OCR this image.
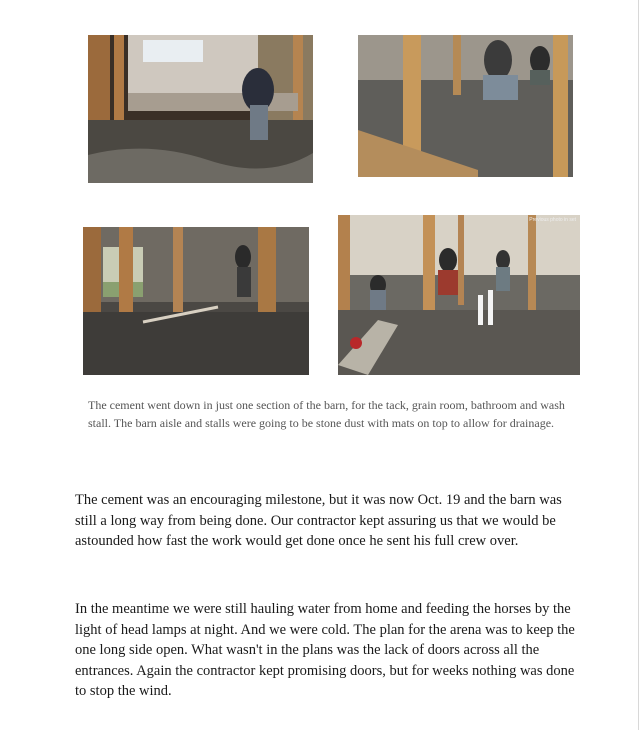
Previous photo in set
The cement went down in just one section of the barn, for the tack, grain room, bathroom and wash stall. The barn aisle and stalls were going to be stone dust with mats on top to allow for drainage.

The cement was an encouraging milestone, but it was now Oct. 19 and the barn was still a long way from being done. Our contractor kept assuring us that we would be astounded how fast the work would get done once he sent his full crew over.

In the meantime we were still hauling water from home and feeding the horses by the light of head lamps at night. And we were cold. The plan for the arena was to keep the one long side open. What wasn't in the plans was the lack of doors across all the entrances. Again the contractor kept promising doors, but for weeks nothing was done to stop the wind.
